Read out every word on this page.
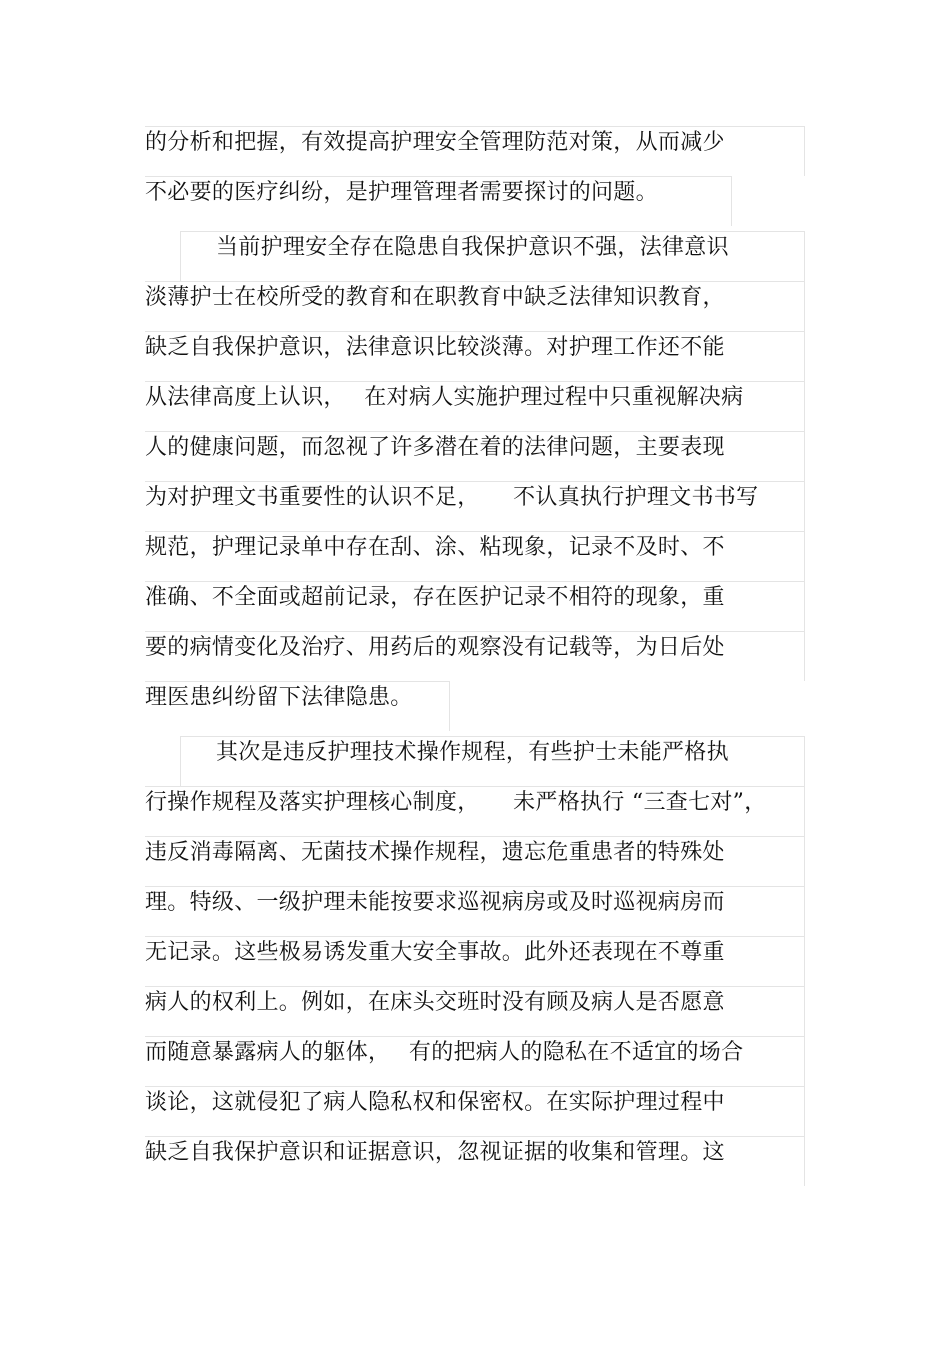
的分析和把握，有效提高护理安全管理防范对策，从而减少
不必要的医疗纠纷，是护理管理者需要探讨的问题。
当前护理安全存在隐患自我保护意识不强，法律意识
淡薄护士在校所受的教育和在职教育中缺乏法律知识教育，
缺乏自我保护意识，法律意识比较淡薄。对护理工作还不能
从法律高度上认识，　 在对病人实施护理过程中只重视解决病
人的健康问题，而忽视了许多潜在着的法律问题，主要表现
为对护理文书重要性的认识不足，　　不认真执行护理文书书写
规范，护理记录单中存在刮、涂、粘现象，记录不及时、不
准确、不全面或超前记录，存在医护记录不相符的现象，重
要的病情变化及治疗、用药后的观察没有记载等，为日后处
理医患纠纷留下法律隐患。
其次是违反护理技术操作规程，有些护士未能严格执
行操作规程及落实护理核心制度，　　未严格执行 “三查七对”，
违反消毒隔离、无菌技术操作规程，遗忘危重患者的特殊处
理。特级、一级护理未能按要求巡视病房或及时巡视病房而
无记录。这些极易诱发重大安全事故。此外还表现在不尊重
病人的权利上。例如，在床头交班时没有顾及病人是否愿意
而随意暴露病人的躯体，　 有的把病人的隐私在不适宜的场合
谈论，这就侵犯了病人隐私权和保密权。在实际护理过程中
缺乏自我保护意识和证据意识，忽视证据的收集和管理。这
